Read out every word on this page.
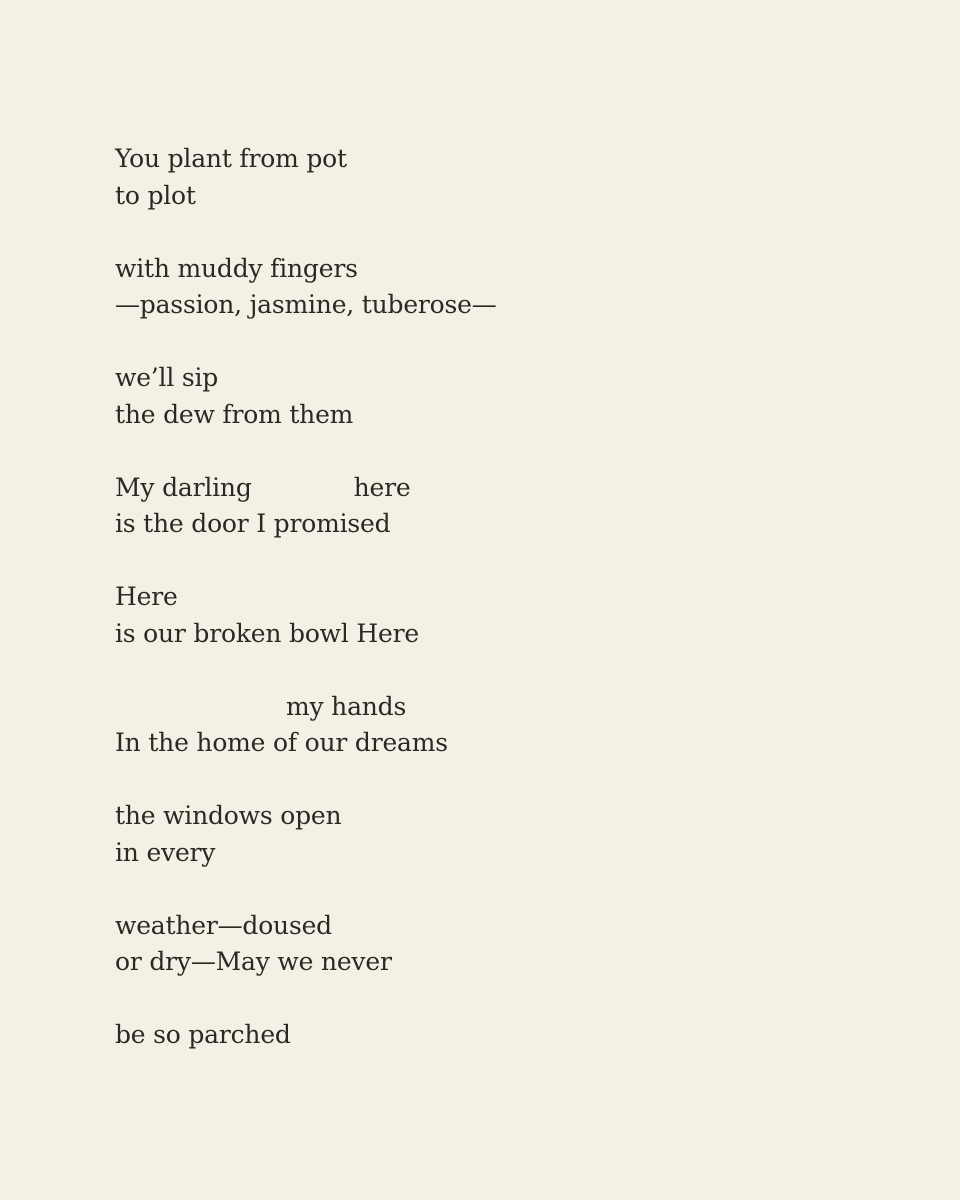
You plant from pot
to plot
with muddy fingers
—passion, jasmine, tuberose—
we’ll sip
the dew from them
My darling	here
is the door I promised
Here
is our broken bowl Here
my hands
In the home of our dreams
the windows open
in every
weather—doused
or dry—May we never
be so parched
